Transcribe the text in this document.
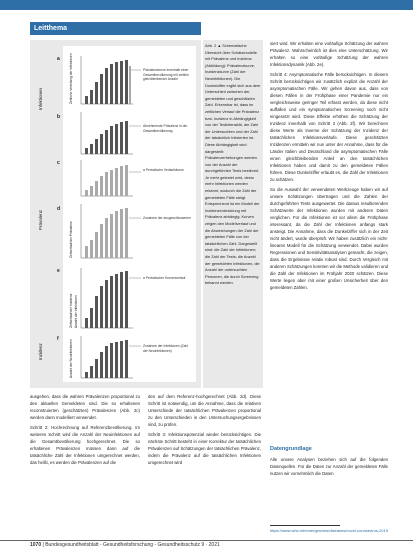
Leitthema
Prävalenzkurve innerhalb einer Gesamtbevölkerung mit zeitlich gleichbleibender Anzahl
Abnehmende Prävalenz in der Gesamtbevölkerung
a Periodische Verlaufskurve
Zunahme der ausgeschlossenen
a Periodischer Kurvenverlauf
Zunahme der Infektionen (Zahl der Neuinfektionen)
Zeitliche Verteilung der Infektionen
Zeitverlauf der Prävalenz
Zeitverlauf der Inzidenz Anzahl der Infektionen
Anzahl der Neuinfektionen
Infektionen
Prävalenz
Inzidenz
a
b
c
d
e
f
Abb. 2 ▲ Schematische Übersicht über Schätzmodelle mit Prävalenz und Inzidenz (Abbildung): Prävalenzkurve, Inzidenzkurve (Zahl der Neuinfektionen). Die Dunkelziffer ergibt sich aus dem Unterschied zwischen der gemeldeten und geschätzten Zahl. Erkennbar ist, dass im zeitlichen Verlauf die Prävalenz bzw. Inzidenz in Abhängigkeit von der Testintensität, der Zahl der Untersuchten und der Zahl der tatsächlich Infizierten ist. Diese Abhängigkeit wird dargestellt: Prävalenzerhebungen werden von der Anzahl der durchgeführten Tests bestimmt. Je mehr getestet wird, desto mehr Infektionen werden erkannt, wodurch die Zahl der gemeldeten Fälle steigt. Entsprechend ist ein Modell der Inzidenzentwicklung mit Prävalenz abhängig. Kurven zeigen den Modellverlauf und die Abweichungen der Zahl der gemeldeten Fälle von der tatsächlichen Zahl. Dargestellt sind: die Zahl der Infektionen; die Zahl der Tests; die Anzahl der gemeldeten Infektionen, die Anzahl der untersuchten Personen, die durch Screening bekannt werden.

ausgehen, dass die wahren Prävalenzen proportional zu den aktuellen Gemeldeten sind. Die so erhaltenen reconstruierten (geschätzten) Prävalenzen (Abb. 2c) werden dann modelliert verwendet.

Schritt 2: Hochrechnung auf Referenzbevölkerung. Im weiteren Schritt wird die Anzahl der Neuinfektionen auf die Gesamtbevölkerung hochgerechnet. Die so erhaltenen Prävalenzen müssen dann auf die tatsächliche Zahl der Infektionen umgerechnet werden, das heißt, es werden die Prävalenzen auf die

den auf dem Referenz-hochgerechnet (Abb. 2d). Diese Schritt ist notwendig, um die Annahme, dass die relativen Unterschiede der tatsächlichen Prävalenzen proportional zu den Unterschieden in den Untersuchungsergebnissen sind, zu prüfen.

Schritt 3: Infektionspotenzial wieder berücksichtigen. Die nächste Schritt besteht in einer Korrektur der tatsächlichen Prävalenzen auf Schätzungen der tatsächlichen Prävalenz, indem die Prävalenz auf die tatsächlichen Infektionen umgerechnet wird

siert wird. Wir erhalten eine vorläufige Schätzung der wahren Prävalenz. Wahrscheinlich ist dies eine Unterschätzung. Wir erhalten so eine vorläufige Schätzung der wahren Infektionsdynamik (Abb. 2e).

Schritt 4: Asymptomatische Fälle berücksichtigen. In diesem Schritt berücksichtigen wir zusätzlich explizit die Anzahl der asymptomatischen Fälle. Wir gehen davon aus, dass von diesen Fällen in der Frühphase einer Pandemie nur ein vergleichsweise geringer Teil erfasst werden, da diese nicht auffallen und ein symptomatisches Screening noch nicht eingesetzt wird. Diese Effekte erhöhen die Schätzung der Inzidenz innerhalb von Schritt 3 (Abb. 2f). Wir berechnen diese Werte als Inverse der Schätzung der Inzidenz der tatsächlichen Infektionsverläufe. Diese geschätzten Inzidenzen ermitteln wir nun unter der Annahme, dass für die Länder Italien und Deutschland die asymptomatischen Fälle einen gleichbleibenden Anteil an den tatsächlichen Infektionen haben und damit zu den gemeldeten Fällen führen. Diese Dunkelziffer erlaubt es, die Zahl der Infektionen zu schätzen.

So die Auswahl der verwendeten Werkzeuge haben wir auf unsere Schätzungen übertragen und die Zahlen der durchgeführten Tests ausgewertet. Die daraus resultierenden Schätzwerte der Infektionen wurden mit anderen Daten verglichen. Für die Infektionen ist vor allem die Frühphase interessant, da die Zahl der Infektionen anfangs stark ansteigt. Die Annahme, dass die Dunkelziffer sich in der Zeit nicht ändert, wurde überprüft. Wir haben zusätzlich ein nicht-lineares Modell für die Schätzung verwendet. Dabei wurden Regressionen und Sensitivitätsanalysen gemacht, die zeigen, dass die Ergebnisse relativ robust sind. Durch Vergleich mit anderen Schätzungen konnten wir die Methode validieren und die Zahl der Infektionen im Frühjahr 2020 schätzen. Diese Werte liegen aber mit einer großen Unsicherheit über den gemeldeten Zahlen.

Datengrundlage
Alle unsere Analysen beziehen sich auf die folgenden Datenquellen. Für die Daten zur Anzahl der gemeldeten Fälle nutzen wir vornehmlich die Daten
https://www.who.int/emergencies/diseases/novel-coronavirus-2019
1070 | Bundesgesundheitsblatt - Gesundheitsforschung - Gesundheitsschutz 9 · 2021
